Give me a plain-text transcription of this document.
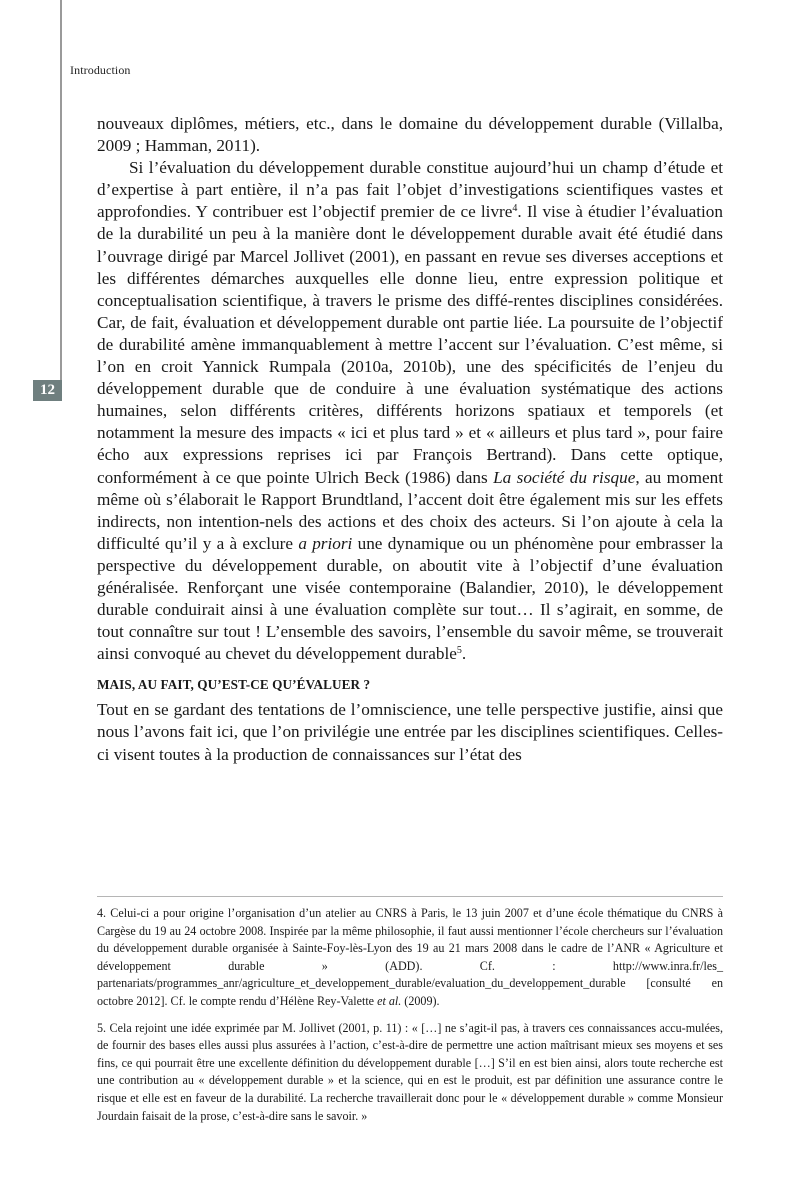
12
Introduction

nouveaux diplômes, métiers, etc., dans le domaine du développement durable (Villalba, 2009 ; Hamman, 2011).

Si l’évaluation du développement durable constitue aujourd’hui un champ d’étude et d’expertise à part entière, il n’a pas fait l’objet d’investigations scientifiques vastes et approfondies. Y contribuer est l’objectif premier de ce livre$^4$. Il vise à étudier l’évaluation de la durabilité un peu à la manière dont le développement durable avait été étudié dans l’ouvrage dirigé par Marcel Jollivet (2001), en passant en revue ses diverses acceptions et les différentes démarches auxquelles elle donne lieu, entre expression politique et conceptualisation scientifique, à travers le prisme des diffé-rentes disciplines considérées. Car, de fait, évaluation et développement durable ont partie liée. La poursuite de l’objectif de durabilité amène immanquablement à mettre l’accent sur l’évaluation. C’est même, si l’on en croit Yannick Rumpala (2010a, 2010b), une des spécificités de l’enjeu du développement durable que de conduire à une évaluation systématique des actions humaines, selon différents critères, différents horizons spatiaux et temporels (et notamment la mesure des impacts « ici et plus tard » et « ailleurs et plus tard », pour faire écho aux expressions reprises ici par François Bertrand). Dans cette optique, conformément à ce que pointe Ulrich Beck (1986) dans La société du risque, au moment même où s’élaborait le Rapport Brundtland, l’accent doit être également mis sur les effets indirects, non intention-nels des actions et des choix des acteurs. Si l’on ajoute à cela la difficulté qu’il y a à exclure a priori une dynamique ou un phénomène pour embrasser la perspective du développement durable, on aboutit vite à l’objectif d’une évaluation généralisée. Renforçant une visée contemporaine (Balandier, 2010), le développement durable conduirait ainsi à une évaluation complète sur tout… Il s’agirait, en somme, de tout connaître sur tout ! L’ensemble des savoirs, l’ensemble du savoir même, se trouverait ainsi convoqué au chevet du développement durable$^5$.

MAIS, AU FAIT, QU’EST-CE QU’ÉVALUER ?

Tout en se gardant des tentations de l’omniscience, une telle perspective justifie, ainsi que nous l’avons fait ici, que l’on privilégie une entrée par les disciplines scientifiques. Celles-ci visent toutes à la production de connaissances sur l’état des

4. Celui-ci a pour origine l’organisation d’un atelier au CNRS à Paris, le 13 juin 2007 et d’une école thématique du CNRS à Cargèse du 19 au 24 octobre 2008. Inspirée par la même philosophie, il faut aussi mentionner l’école chercheurs sur l’évaluation du développement durable organisée à Sainte-Foy-lès-Lyon des 19 au 21 mars 2008 dans le cadre de l’ANR « Agriculture et développement durable » (ADD). Cf. : http://www.inra.fr/les_ partenariats/programmes_anr/agriculture_et_developpement_durable/evaluation_du_developpement_durable [consulté en octobre 2012]. Cf. le compte rendu d’Hélène Rey-Valette et al. (2009).

5. Cela rejoint une idée exprimée par M. Jollivet (2001, p. 11) : « […] ne s’agit-il pas, à travers ces connaissances accu-mulées, de fournir des bases elles aussi plus assurées à l’action, c’est-à-dire de permettre une action maîtrisant mieux ses moyens et ses fins, ce qui pourrait être une excellente définition du développement durable […] S’il en est bien ainsi, alors toute recherche est une contribution au « développement durable » et la science, qui en est le produit, est par définition une assurance contre le risque et elle est en faveur de la durabilité. La recherche travaillerait donc pour le « développement durable » comme Monsieur Jourdain faisait de la prose, c’est-à-dire sans le savoir. »
